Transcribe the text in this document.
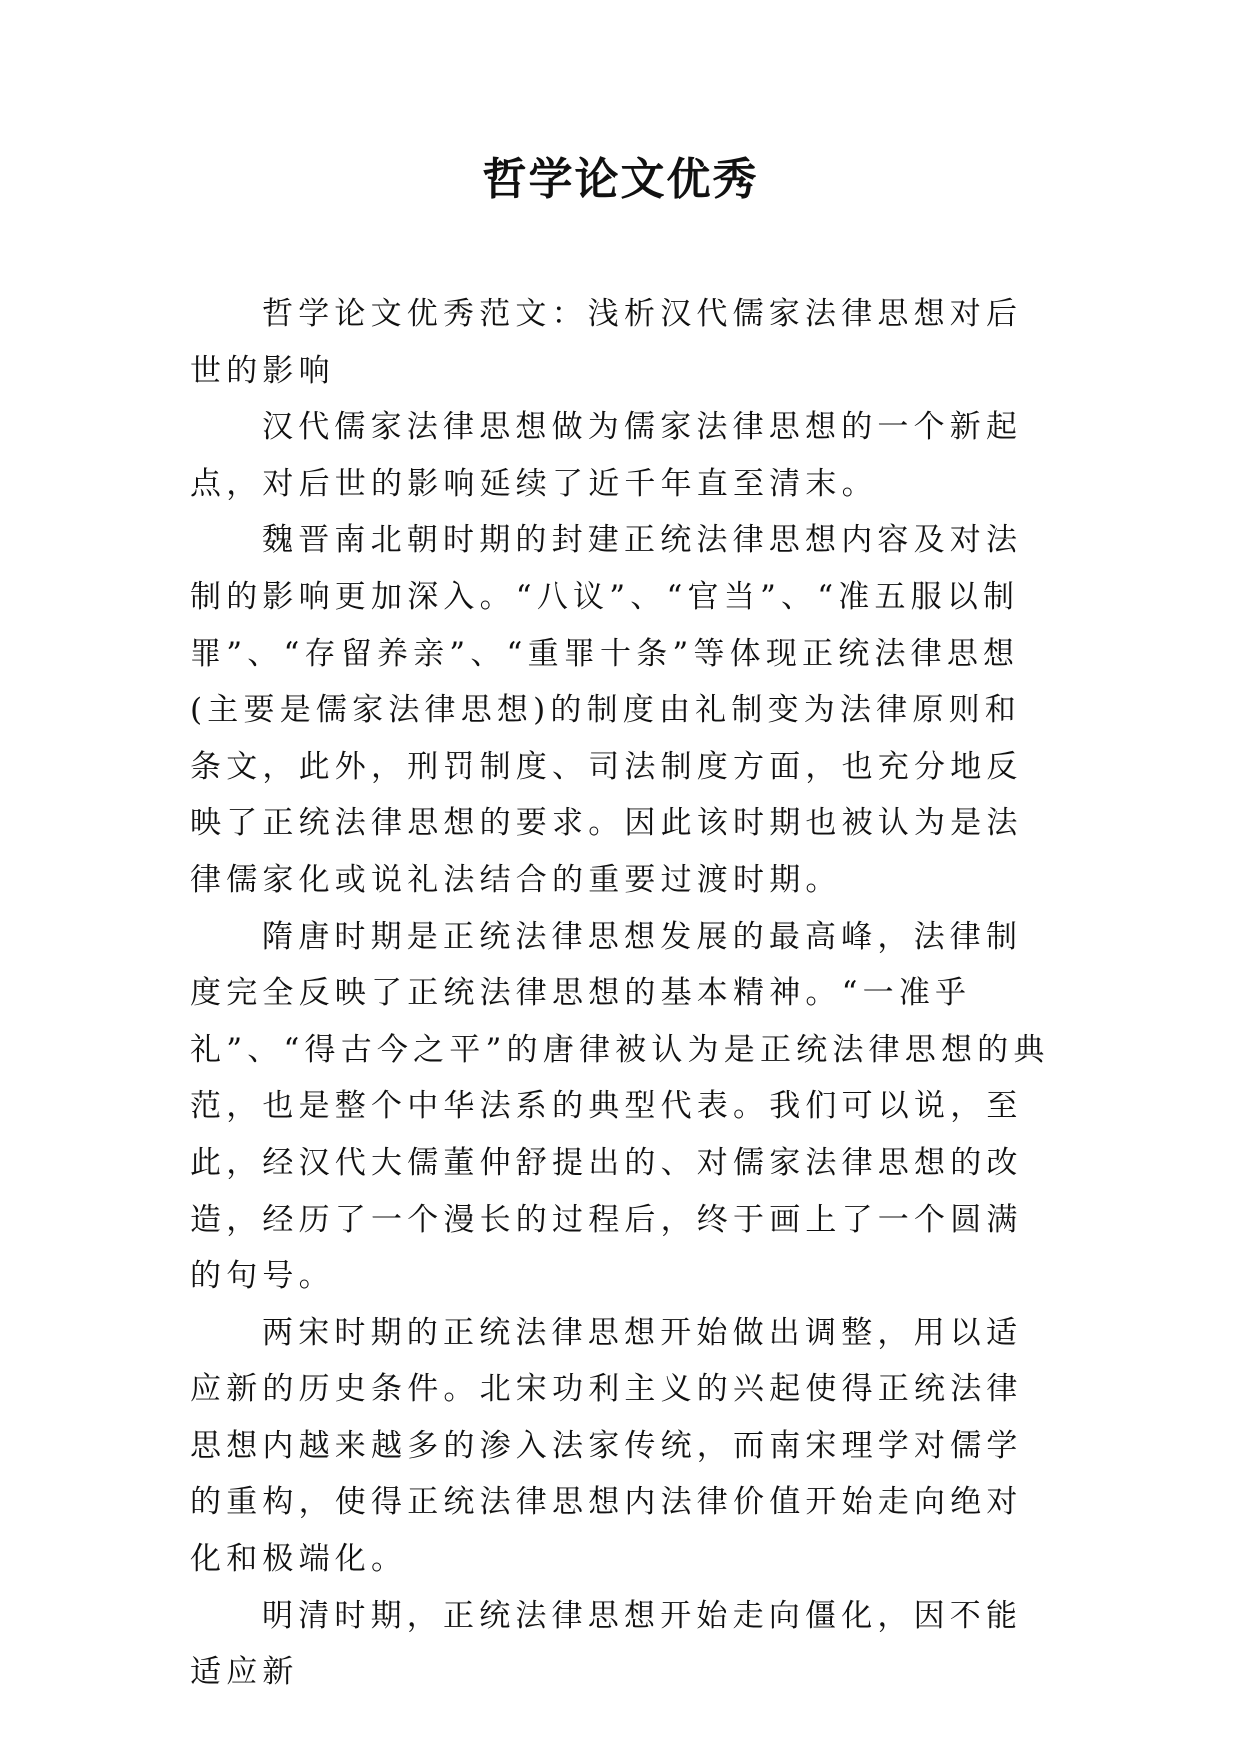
哲学论文优秀

哲学论文优秀范文：浅析汉代儒家法律思想对后世的影响

汉代儒家法律思想做为儒家法律思想的一个新起点，对后世的影响延续了近千年直至清末。

魏晋南北朝时期的封建正统法律思想内容及对法制的影响更加深入。“八议”、“官当”、“准五服以制罪”、“存留养亲”、“重罪十条”等体现正统法律思想(主要是儒家法律思想)的制度由礼制变为法律原则和条文，此外，刑罚制度、司法制度方面，也充分地反映了正统法律思想的要求。因此该时期也被认为是法律儒家化或说礼法结合的重要过渡时期。

隋唐时期是正统法律思想发展的最高峰，法律制度完全反映了正统法律思想的基本精神。“一准乎礼”、“得古今之平”的唐律被认为是正统法律思想的典范，也是整个中华法系的典型代表。我们可以说，至此，经汉代大儒董仲舒提出的、对儒家法律思想的改造，经历了一个漫长的过程后，终于画上了一个圆满的句号。

两宋时期的正统法律思想开始做出调整，用以适应新的历史条件。北宋功利主义的兴起使得正统法律思想内越来越多的渗入法家传统，而南宋理学对儒学的重构，使得正统法律思想内法律价值开始走向绝对化和极端化。

明清时期，正统法律思想开始走向僵化，因不能适应新
